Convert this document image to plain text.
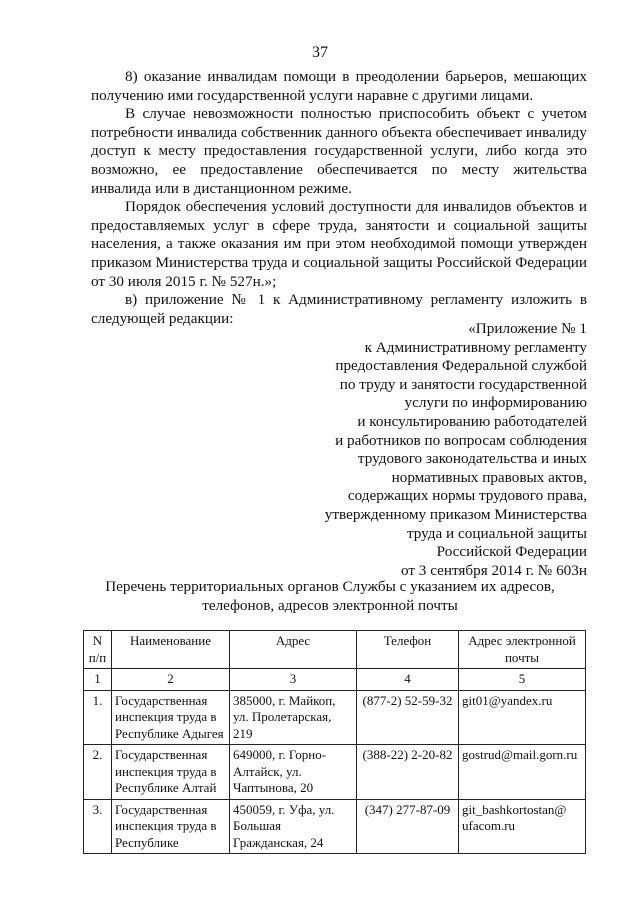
37

8) оказание инвалидам помощи в преодолении барьеров, мешающих получению ими государственной услуги наравне с другими лицами.

В случае невозможности полностью приспособить объект с учетом потребности инвалида собственник данного объекта обеспечивает инвалиду доступ к месту предоставления государственной услуги, либо когда это возможно, ее предоставление обеспечивается по месту жительства инвалида или в дистанционном режиме.

Порядок обеспечения условий доступности для инвалидов объектов и предоставляемых услуг в сфере труда, занятости и социальной защиты населения, а также оказания им при этом необходимой помощи утвержден приказом Министерства труда и социальной защиты Российской Федерации от 30 июля 2015 г. № 527н.»;

в) приложение № 1 к Административному регламенту изложить в следующей редакции:

«Приложение № 1
к Административному регламенту
предоставления Федеральной службой
по труду и занятости государственной
услуги по информированию
и консультированию работодателей
и работников по вопросам соблюдения
трудового законодательства и иных
нормативных правовых актов,
содержащих нормы трудового права,
утвержденному приказом Министерства
труда и социальной защиты
Российской Федерации
от 3 сентября 2014 г. № 603н
Перечень территориальных органов Службы с указанием их адресов,
телефонов, адресов электронной почты
N п/п	Наименование	Адрес	Телефон	Адрес электронной почты
1	2	3	4	5
1.	Государственная инспекция труда в Республике Адыгея	385000, г. Майкоп, ул. Пролетарская, 219	(877-2) 52-59-32	git01@yandex.ru
2.	Государственная инспекция труда в Республике Алтай	649000, г. Горно-Алтайск, ул. Чаптынова, 20	(388-22) 2-20-82	gostrud@mail.gorn.ru
3.	Государственная инспекция труда в Республике	450059, г. Уфа, ул. Большая Гражданская, 24	(347) 277-87-09	git_bashkortostan@ ufacom.ru
